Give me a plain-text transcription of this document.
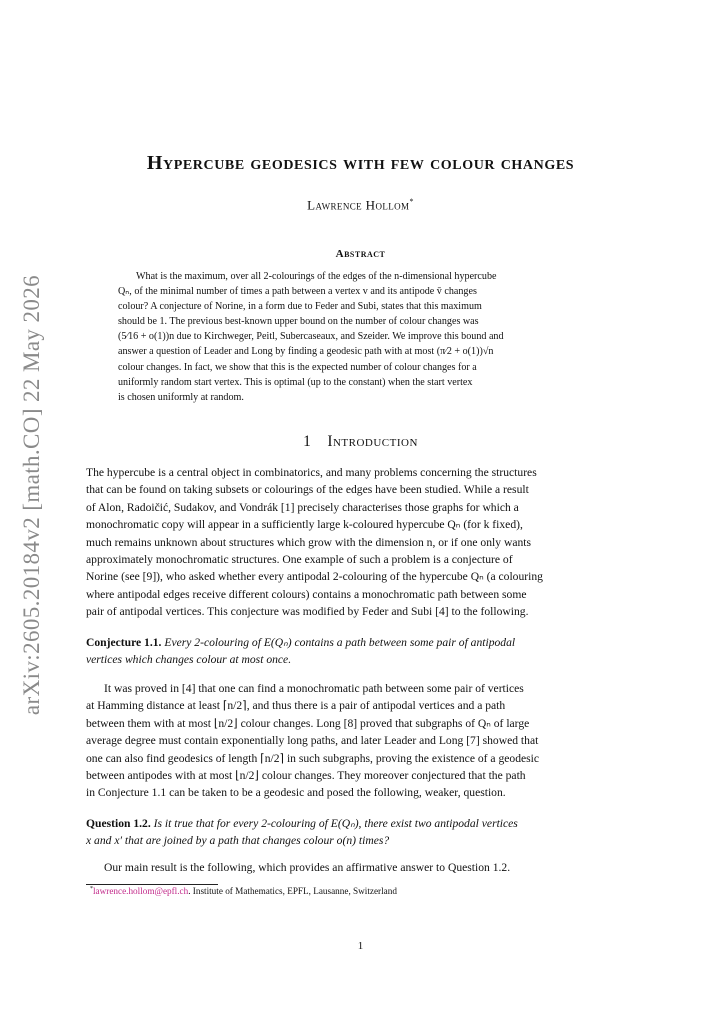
arXiv:2605.20184v2 [math.CO] 22 May 2026
Hypercube geodesics with few colour changes
Lawrence Hollom*
Abstract
What is the maximum, over all 2-colourings of the edges of the n-dimensional hypercube
Qₙ, of the minimal number of times a path between a vertex v and its antipode v̄ changes
colour? A conjecture of Norine, in a form due to Feder and Subi, states that this maximum
should be 1. The previous best-known upper bound on the number of colour changes was
(5⁄16 + o(1))n due to Kirchweger, Peitl, Subercaseaux, and Szeider. We improve this bound and
answer a question of Leader and Long by finding a geodesic path with at most (π⁄2 + o(1))√n
colour changes. In fact, we show that this is the expected number of colour changes for a
uniformly random start vertex. This is optimal (up to the constant) when the start vertex
is chosen uniformly at random.
1 Introduction
The hypercube is a central object in combinatorics, and many problems concerning the structures
that can be found on taking subsets or colourings of the edges have been studied. While a result
of Alon, Radoičić, Sudakov, and Vondrák [1] precisely characterises those graphs for which a
monochromatic copy will appear in a sufficiently large k-coloured hypercube Qₙ (for k fixed),
much remains unknown about structures which grow with the dimension n, or if one only wants
approximately monochromatic structures. One example of such a problem is a conjecture of
Norine (see [9]), who asked whether every antipodal 2-colouring of the hypercube Qₙ (a colouring
where antipodal edges receive different colours) contains a monochromatic path between some
pair of antipodal vertices. This conjecture was modified by Feder and Subi [4] to the following.
Conjecture 1.1. Every 2-colouring of E(Qₙ) contains a path between some pair of antipodal
vertices which changes colour at most once.
It was proved in [4] that one can find a monochromatic path between some pair of vertices
at Hamming distance at least ⌈n/2⌉, and thus there is a pair of antipodal vertices and a path
between them with at most ⌊n/2⌋ colour changes. Long [8] proved that subgraphs of Qₙ of large
average degree must contain exponentially long paths, and later Leader and Long [7] showed that
one can also find geodesics of length ⌈n/2⌉ in such subgraphs, proving the existence of a geodesic
between antipodes with at most ⌊n/2⌋ colour changes. They moreover conjectured that the path
in Conjecture 1.1 can be taken to be a geodesic and posed the following, weaker, question.
Question 1.2. Is it true that for every 2-colouring of E(Qₙ), there exist two antipodal vertices
x and x′ that are joined by a path that changes colour o(n) times?
Our main result is the following, which provides an affirmative answer to Question 1.2.
*lawrence.hollom@epfl.ch. Institute of Mathematics, EPFL, Lausanne, Switzerland
1
